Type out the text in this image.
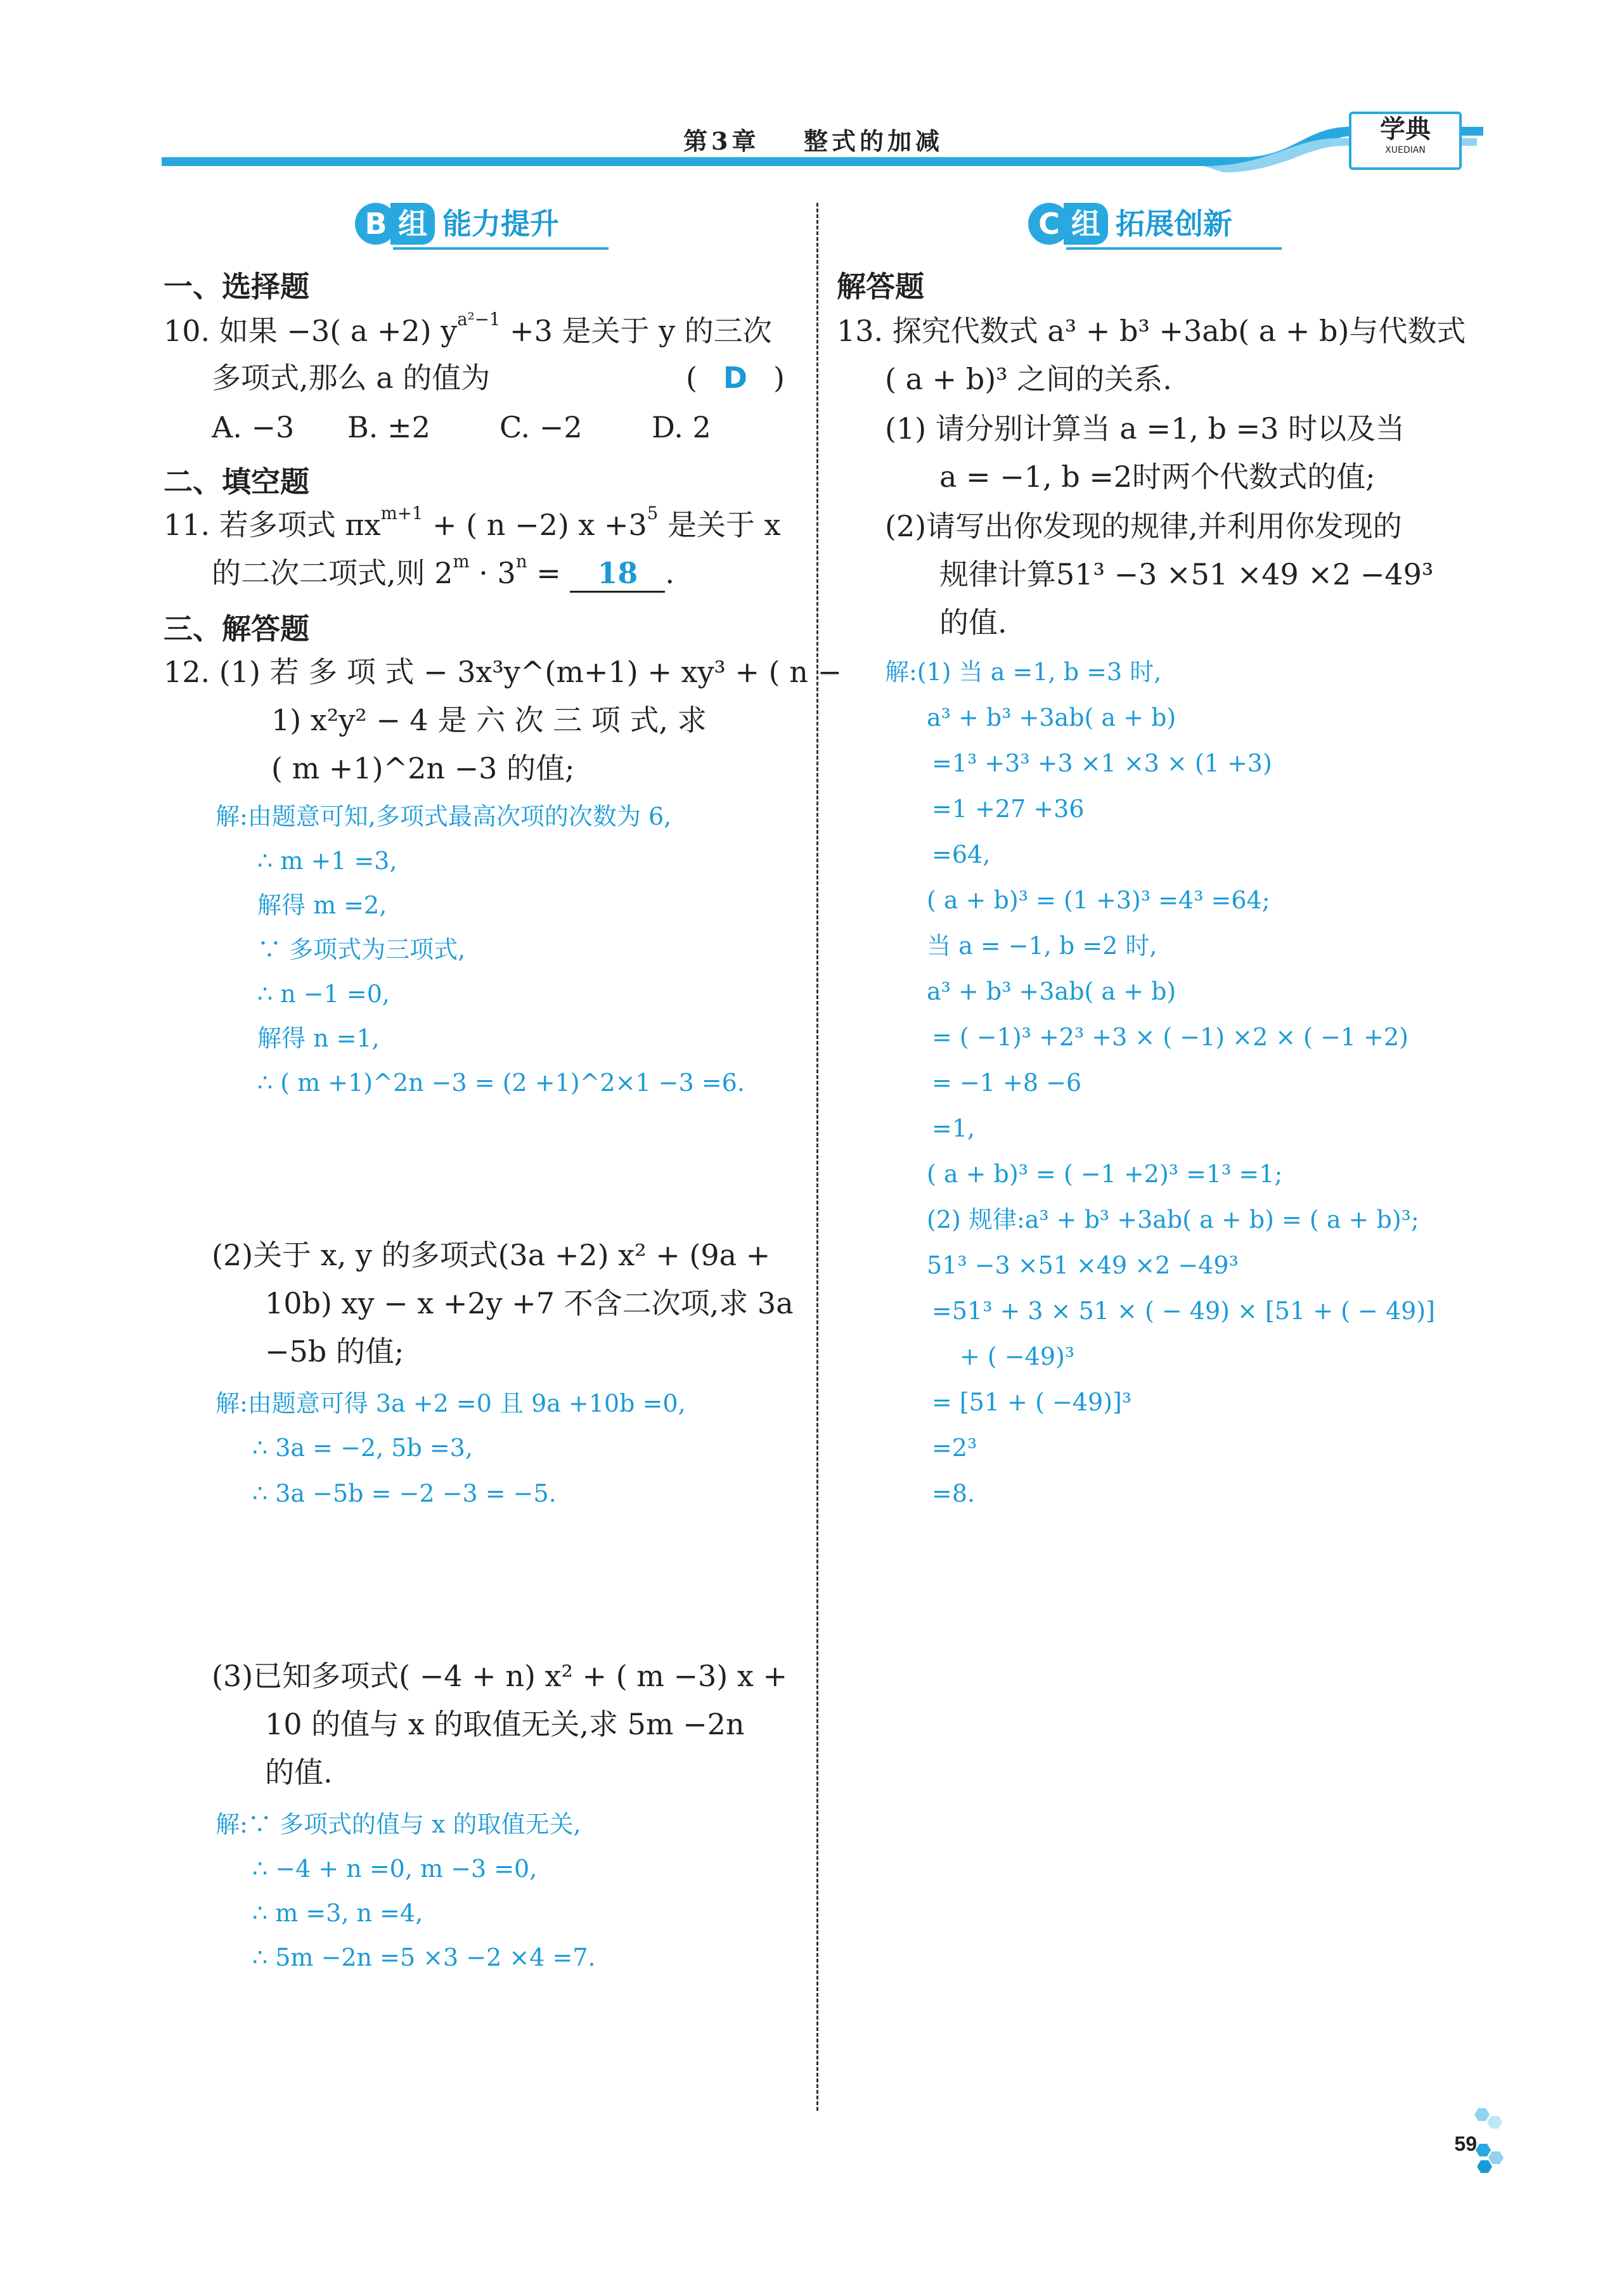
第3章 整式的加减	学典
XUEDIAN
B 组 能力提升
一、选择题
10. 如果 −3( a +2) $y^{a^2-1} +3$ 是关于 y 的三次
多项式,那么 a 的值为	( D )
A. −3 B. ±2 C. −2 D. 2
二、填空题
11. 若多项式 $\pi x^{m+1}$ + ( n −2) $x +3^5$ 是关于 x
的二次二项式,则 $2^m \cdot 3^n = 18$ .
三、解答题
12. (1) 若 多 项 式 − 3x³y^(m+1) + xy³ + ( n −
1) x²y² − 4 是 六 次 三 项 式, 求
( m +1)^2n −3 的值;
解:由题意可知,多项式最高次项的次数为 6,
∴ m +1 =3,
解得 m =2,
∵ 多项式为三项式,
∴ n −1 =0,
解得 n =1,
∴ ( m +1)^2n −3 = (2 +1)^2×1 −3 =6.
(2)关于 x, y 的多项式(3a +2) x² + (9a +
10b) xy − x +2y +7 不含二次项,求 3a
−5b 的值;
解:由题意可得 3a +2 =0 且 9a +10b =0,
∴ 3a = −2, 5b =3,
∴ 3a −5b = −2 −3 = −5.
(3)已知多项式( −4 + n) x² + ( m −3) x +
10 的值与 x 的取值无关,求 5m −2n
的值.
解:∵ 多项式的值与 x 的取值无关,
∴ −4 + n =0, m −3 =0,
∴ m =3, n =4,
∴ 5m −2n =5 ×3 −2 ×4 =7.
C 组 拓展创新
解答题
13. 探究代数式 a³ + b³ +3ab( a + b)与代数式
( a + b)³ 之间的关系.
(1) 请分别计算当 a =1, b =3 时以及当
a = −1, b =2时两个代数式的值;
(2)请写出你发现的规律,并利用你发现的
规律计算51³ −3 ×51 ×49 ×2 −49³
的值.
解:(1) 当 a =1, b =3 时,
a³ + b³ +3ab( a + b)
=1³ +3³ +3 ×1 ×3 × (1 +3)
=1 +27 +36
=64,
( a + b)³ = (1 +3)³ =4³ =64;
当 a = −1, b =2 时,
a³ + b³ +3ab( a + b)
= ( −1)³ +2³ +3 × ( −1) ×2 × ( −1 +2)
= −1 +8 −6
=1,
( a + b)³ = ( −1 +2)³ =1³ =1;
(2) 规律:a³ + b³ +3ab( a + b) = ( a + b)³;
51³ −3 ×51 ×49 ×2 −49³
=51³ + 3 × 51 × ( − 49) × [51 + ( − 49)]
+ ( −49)³
= [51 + ( −49)]³
=2³
=8.
59
